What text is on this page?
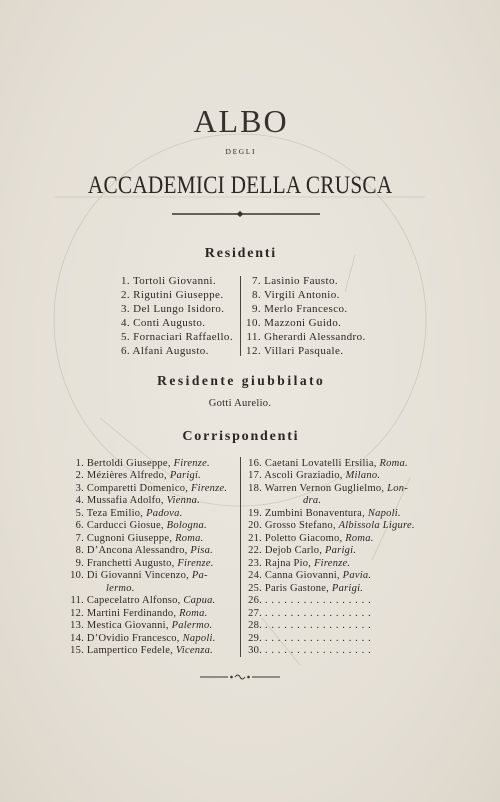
ALBO
DEGLI
ACCADEMICI DELLA CRUSCA
Residenti
1. Tortoli Giovanni.
2. Rigutini Giuseppe.
3. Del Lungo Isidoro.
4. Conti Augusto.
5. Fornaciari Raffaello.
6. Alfani Augusto.
7. Lasinio Fausto.
8. Virgili Antonio.
9. Merlo Francesco.
10. Mazzoni Guido.
11. Gherardi Alessandro.
12. Villari Pasquale.
Residente giubbilato
Gotti Aurelio.
Corrispondenti
1. Bertoldi Giuseppe, Firenze.
2. Mézières Alfredo, Parigi.
3. Comparetti Domenico, Firenze.
4. Mussafia Adolfo, Vienna.
5. Teza Emilio, Padova.
6. Carducci Giosue, Bologna.
7. Cugnoni Giuseppe, Roma.
8. D’Ancona Alessandro, Pisa.
9. Franchetti Augusto, Firenze.
10. Di Giovanni Vincenzo, Pa-
lermo.
11. Capecelatro Alfonso, Capua.
12. Martini Ferdinando, Roma.
13. Mestica Giovanni, Palermo.
14. D’Ovidio Francesco, Napoli.
15. Lampertico Fedele, Vicenza.
16. Caetani Lovatelli Ersilia, Roma.
17. Ascoli Graziadio, Milano.
18. Warren Vernon Guglielmo, Lon-
dra.
19. Zumbini Bonaventura, Napoli.
20. Grosso Stefano, Albissola Ligure.
21. Poletto Giacomo, Roma.
22. Dejob Carlo, Parigi.
23. Rajna Pio, Firenze.
24. Canna Giovanni, Pavia.
25. Paris Gastone, Parigi.
26. . . . . . . . . . . . . . . . . .
27. . . . . . . . . . . . . . . . . .
28. . . . . . . . . . . . . . . . . .
29. . . . . . . . . . . . . . . . . .
30. . . . . . . . . . . . . . . . . .
